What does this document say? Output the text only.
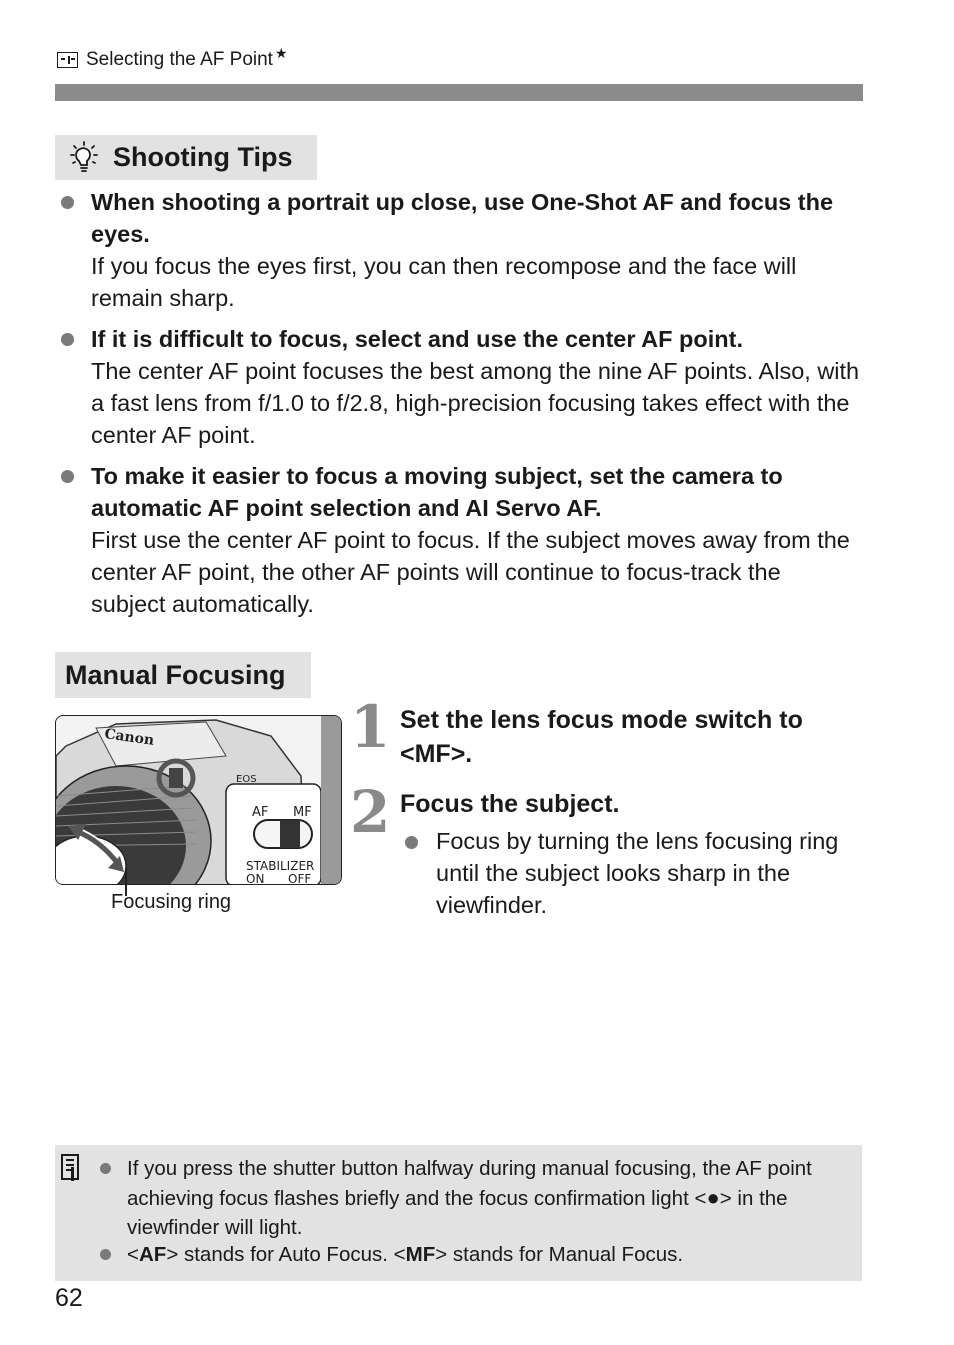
Selecting the AF Point ★
Shooting Tips
When shooting a portrait up close, use One-Shot AF and focus the eyes.
If you focus the eyes first, you can then recompose and the face will remain sharp.
If it is difficult to focus, select and use the center AF point.
The center AF point focuses the best among the nine AF points. Also, with a fast lens from f/1.0 to f/2.8, high-precision focusing takes effect with the center AF point.
To make it easier to focus a moving subject, set the camera to automatic AF point selection and AI Servo AF.
First use the center AF point to focus. If the subject moves away from the center AF point, the other AF points will continue to focus-track the subject automatically.
Manual Focusing
AF MF
STABILIZER
ON OFF
Canon
EOS
Focusing ring
1 Set the lens focus mode switch to <MF>.
2 Focus the subject.
Focus by turning the lens focusing ring until the subject looks sharp in the viewfinder.
If you press the shutter button halfway during manual focusing, the AF point achieving focus flashes briefly and the focus confirmation light <●> in the viewfinder will light.
<AF> stands for Auto Focus. <MF> stands for Manual Focus.
62
